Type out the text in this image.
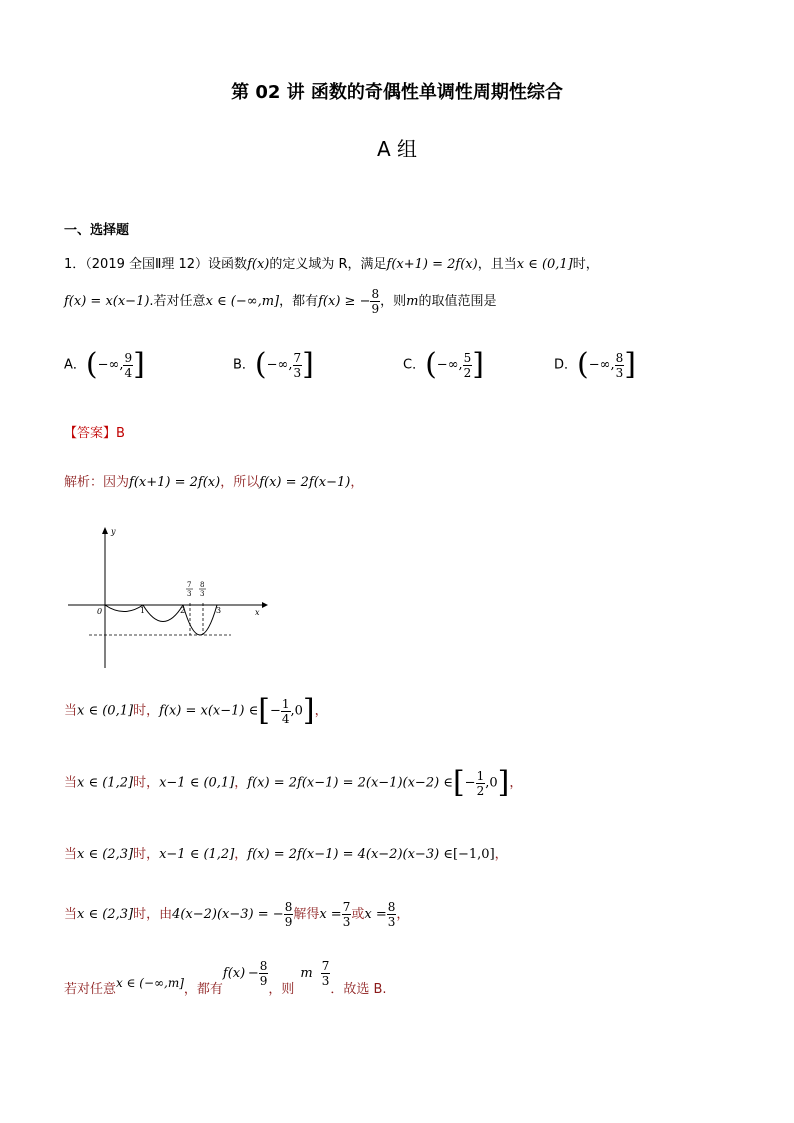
第 02 讲 函数的奇偶性单调性周期性综合
A 组
一、选择题
1．（2019 全国Ⅱ理 12）设函数f(x)的定义域为 R，满足f(x+1) = 2f(x)，且当x ∈ (0,1]时，
f(x) = x(x−1).若对任意x ∈ (−∞,m]，都有f(x) ≥ − $\frac{8}{9}$ ，则m的取值范围是
A．(−∞, $\frac{9}{4}$ ]	B．(−∞, $\frac{7}{3}$ ]	C．(−∞, $\frac{5}{2}$ ]	D．(−∞, $\frac{8}{3}$ ]
【答案】B
解析：因为f(x+1) = 2f(x)，所以f(x) = 2f(x−1)，
y
x
0	1	2	3
7
3
8
3
当x ∈ (0,1]时，f(x) = x(x−1) ∈[− $\frac{1}{4} ,0$]，
当x ∈ (1,2]时，x−1 ∈ (0,1]，f(x) = 2f(x−1) = 2(x−1)(x−2) ∈[− $\frac{1}{2} ,0$]，
当x ∈ (2,3]时，x−1 ∈ (1,2]，f(x) = 2f(x−1) = 4(x−2)(x−3) ∈[−1,0]，
当x ∈ (2,3]时，由4(x−2)(x−3) = − $\frac{8}{9}$ 解得$x = \frac{7}{3}$ 或$x = \frac{8}{3}$ ，
若对任意x ∈ (−∞,m]，都有f(x)   − $\frac{8}{9}$
，则m $\frac{7}{3}$
．故选 B.
